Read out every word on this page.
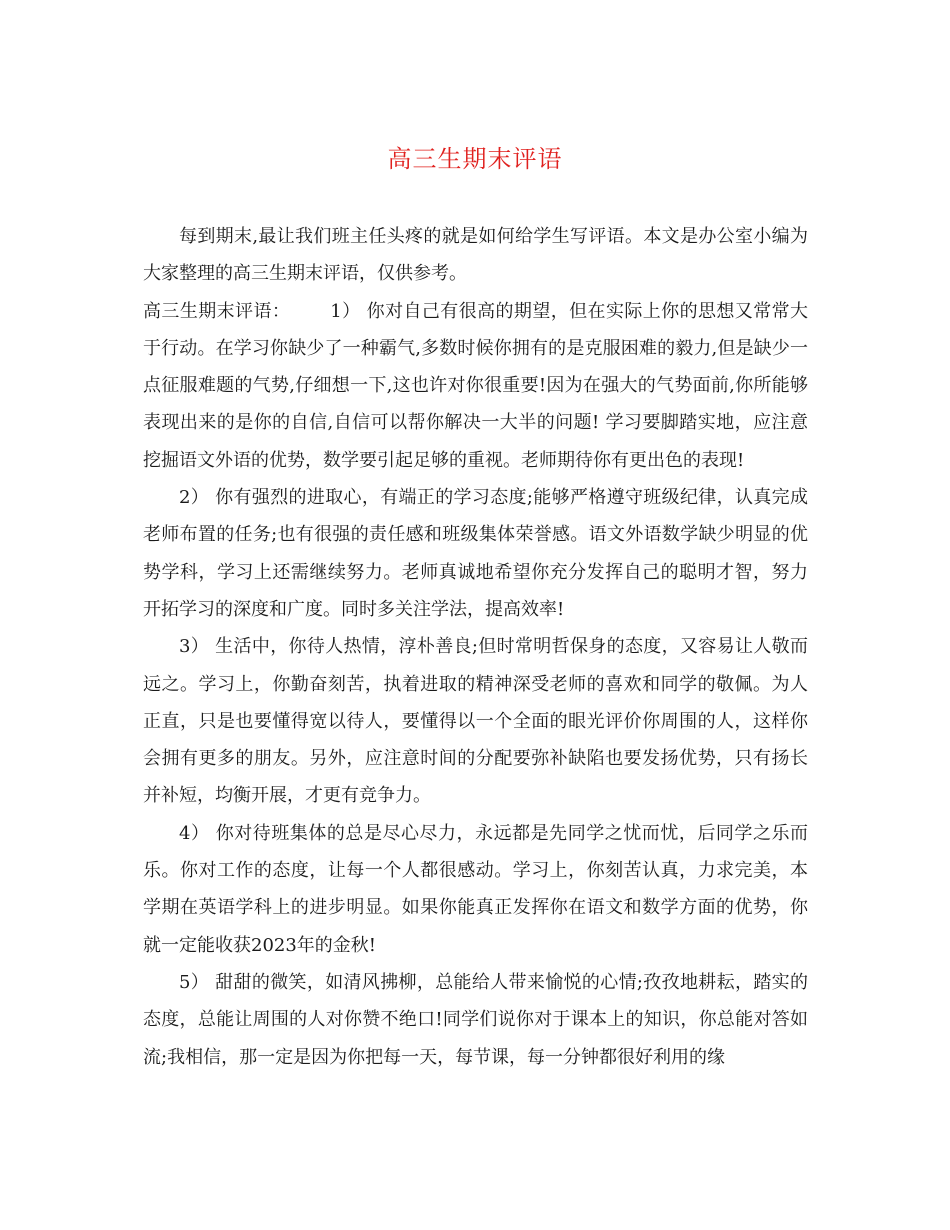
高三生期末评语

每到期末,最让我们班主任头疼的就是如何给学生写评语。本文是办公室小编为大家整理的高三生期末评语，仅供参考。

高三生期末评语： 1） 你对自己有很高的期望，但在实际上你的思想又常常大于行动。在学习你缺少了一种霸气,多数时候你拥有的是克服困难的毅力,但是缺少一点征服难题的气势,仔细想一下,这也许对你很重要!因为在强大的气势面前,你所能够表现出来的是你的自信,自信可以帮你解决一大半的问题! 学习要脚踏实地，应注意挖掘语文外语的优势，数学要引起足够的重视。老师期待你有更出色的表现!

2） 你有强烈的进取心，有端正的学习态度;能够严格遵守班级纪律，认真完成老师布置的任务;也有很强的责任感和班级集体荣誉感。语文外语数学缺少明显的优势学科，学习上还需继续努力。老师真诚地希望你充分发挥自己的聪明才智，努力开拓学习的深度和广度。同时多关注学法，提高效率!

3） 生活中，你待人热情，淳朴善良;但时常明哲保身的态度，又容易让人敬而远之。学习上，你勤奋刻苦，执着进取的精神深受老师的喜欢和同学的敬佩。为人正直，只是也要懂得宽以待人，要懂得以一个全面的眼光评价你周围的人，这样你会拥有更多的朋友。另外，应注意时间的分配要弥补缺陷也要发扬优势，只有扬长并补短，均衡开展，才更有竞争力。

4） 你对待班集体的总是尽心尽力，永远都是先同学之忧而忧，后同学之乐而乐。你对工作的态度，让每一个人都很感动。学习上，你刻苦认真，力求完美，本学期在英语学科上的进步明显。如果你能真正发挥你在语文和数学方面的优势，你就一定能收获2023年的金秋!

5） 甜甜的微笑，如清风拂柳，总能给人带来愉悦的心情;孜孜地耕耘，踏实的态度，总能让周围的人对你赞不绝口!同学们说你对于课本上的知识，你总能对答如流;我相信，那一定是因为你把每一天，每节课，每一分钟都很好利用的缘
